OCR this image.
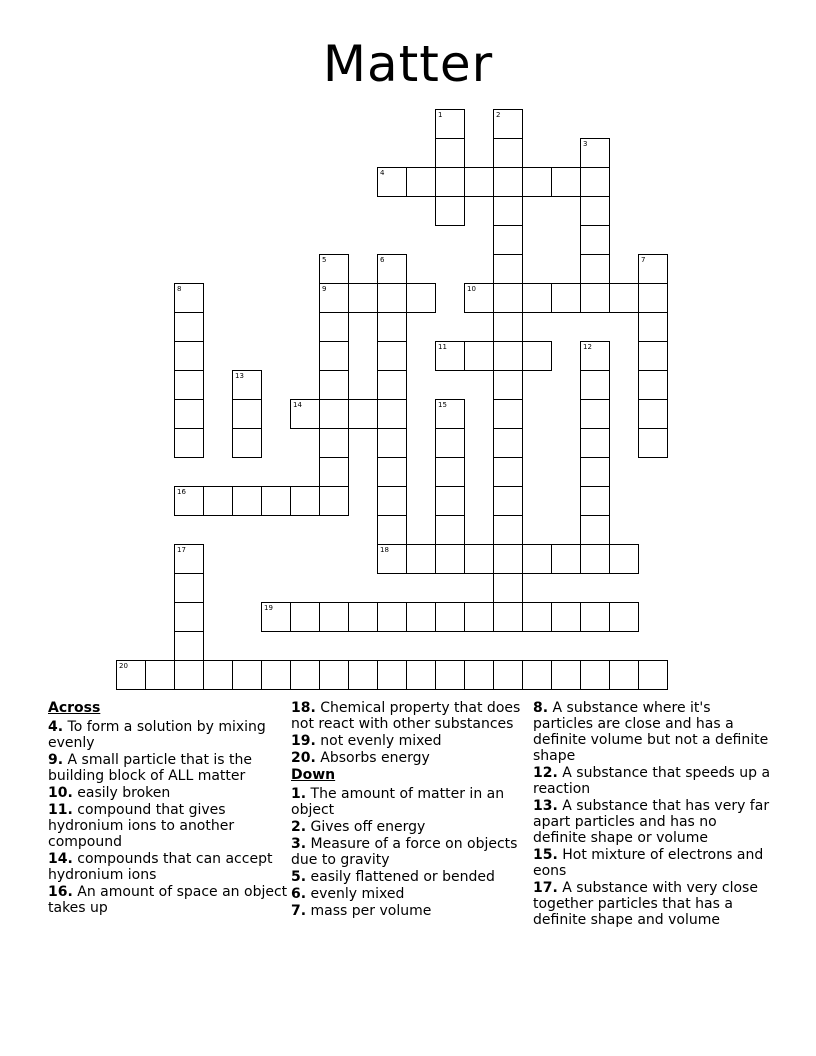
Matter
1	2
3
4
5
9
6
18
7
8	10
11	12
13
14	15
16
17
19
20
Across
4. To form a solution by mixing evenly
9. A small particle that is the building block of ALL matter
10. easily broken
11. compound that gives hydronium ions to another compound
14. compounds that can accept hydronium ions
16. An amount of space an object takes up
18. Chemical property that does not react with other substances
19. not evenly mixed
20. Absorbs energy
Down
1. The amount of matter in an object
2. Gives off energy
3. Measure of a force on objects due to gravity
5. easily flattened or bended
6. evenly mixed
7. mass per volume
8. A substance where it's particles are close and has a definite volume but not a definite shape
12. A substance that speeds up a reaction
13. A substance that has very far apart particles and has no definite shape or volume
15. Hot mixture of electrons and eons
17. A substance with very close together particles that has a definite shape and volume
